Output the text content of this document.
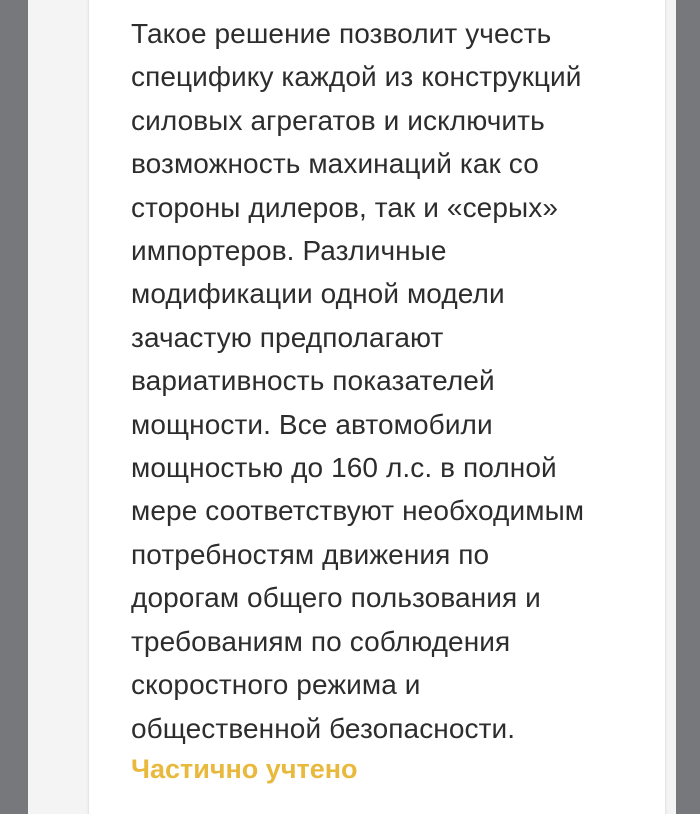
Такое решение позволит учесть
специфику каждой из конструкций
силовых агрегатов и исключить
возможность махинаций как со
стороны дилеров, так и «серых»
импортеров. Различные
модификации одной модели
зачастую предполагают
вариативность показателей
мощности. Все автомобили
мощностью до 160 л.с. в полной
мере соответствуют необходимым
потребностям движения по
дорогам общего пользования и
требованиям по соблюдения
скоростного режима и
общественной безопасности.

Частично учтено
